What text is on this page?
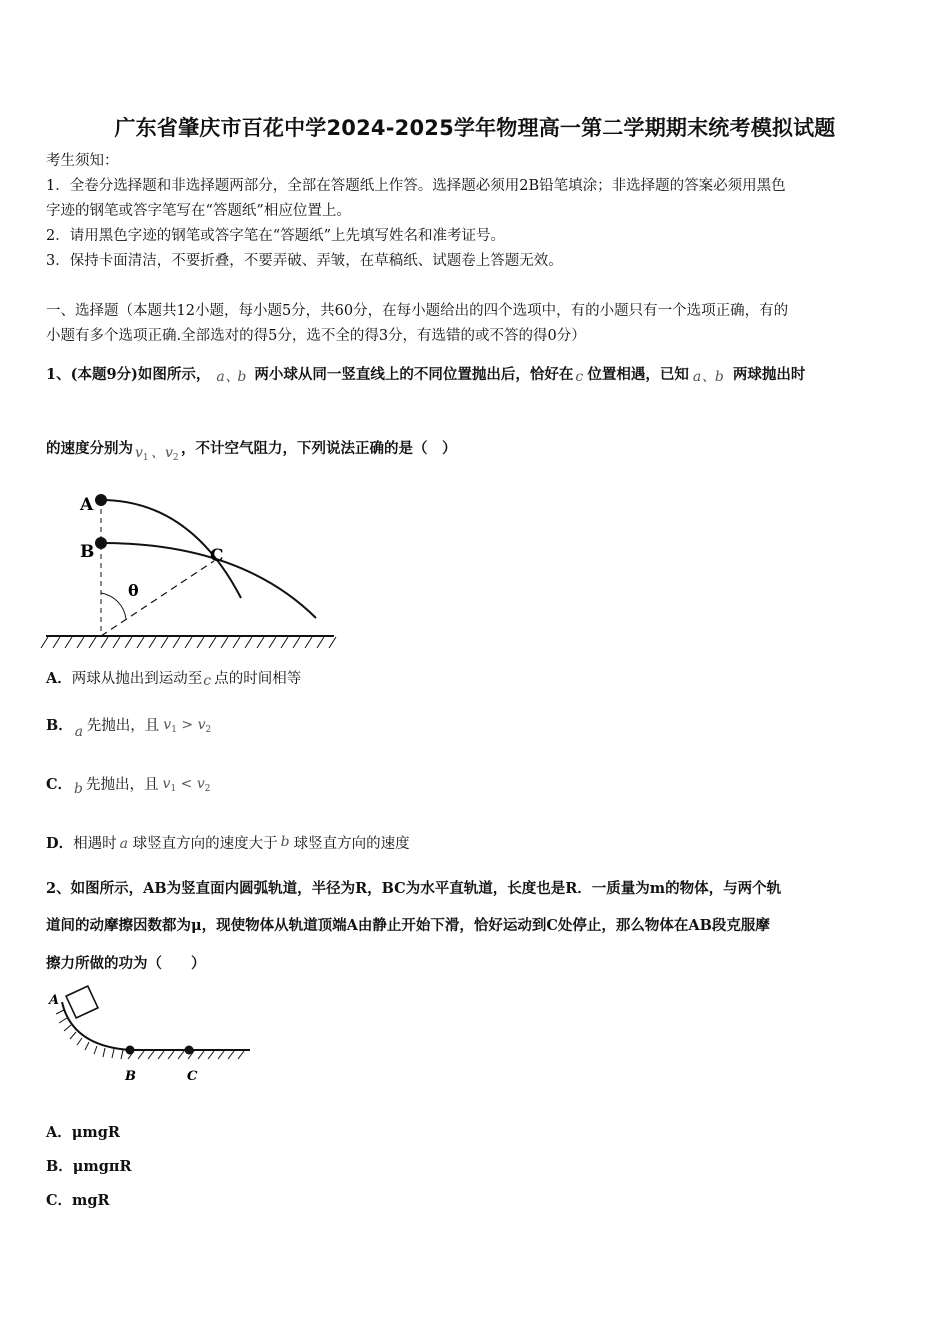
广东省肇庆市百花中学2024-2025学年物理高一第二学期期末统考模拟试题
考生须知：
1．全卷分选择题和非选择题两部分，全部在答题纸上作答。选择题必须用2B铅笔填涂；非选择题的答案必须用黑色
字迹的钢笔或答字笔写在“答题纸”相应位置上。
2．请用黑色字迹的钢笔或答字笔在“答题纸”上先填写姓名和准考证号。
3．保持卡面清洁，不要折叠，不要弄破、弄皱，在草稿纸、试题卷上答题无效。
一、选择题（本题共12小题，每小题5分，共60分，在每小题给出的四个选项中，有的小题只有一个选项正确，有的
小题有多个选项正确.全部选对的得5分，选不全的得3分，有选错的或不答的得0分）
1、(本题9分)如图所示， a 、
b 两小球从同一竖直线上的不同位置抛出后，恰好在 c 位置相遇，已知 a 、 b 两球抛出时
的速度分别为 $v_1$ 、 $v_2$
，不计空气阻力，下列说法正确的是（　）
A
B	C
θ
A．两球从抛出到运动至 c 点的时间相等
B． a 先抛出，且 $v_1 > v_2$
C． b 先抛出，且 $v_1 < v_2$
D．相遇时 a 球竖直方向的速度大于 b 球竖直方向的速度
2、如图所示，AB为竖直面内圆弧轨道，半径为R，BC为水平直轨道，长度也是R．一质量为m的物体，与两个轨
道间的动摩擦因数都为μ，现使物体从轨道顶端A由静止开始下滑，恰好运动到C处停止，那么物体在AB段克服摩
擦力所做的功为（　　）
A
B	C
A．μmgR
B．μmgπR
C．mgR
